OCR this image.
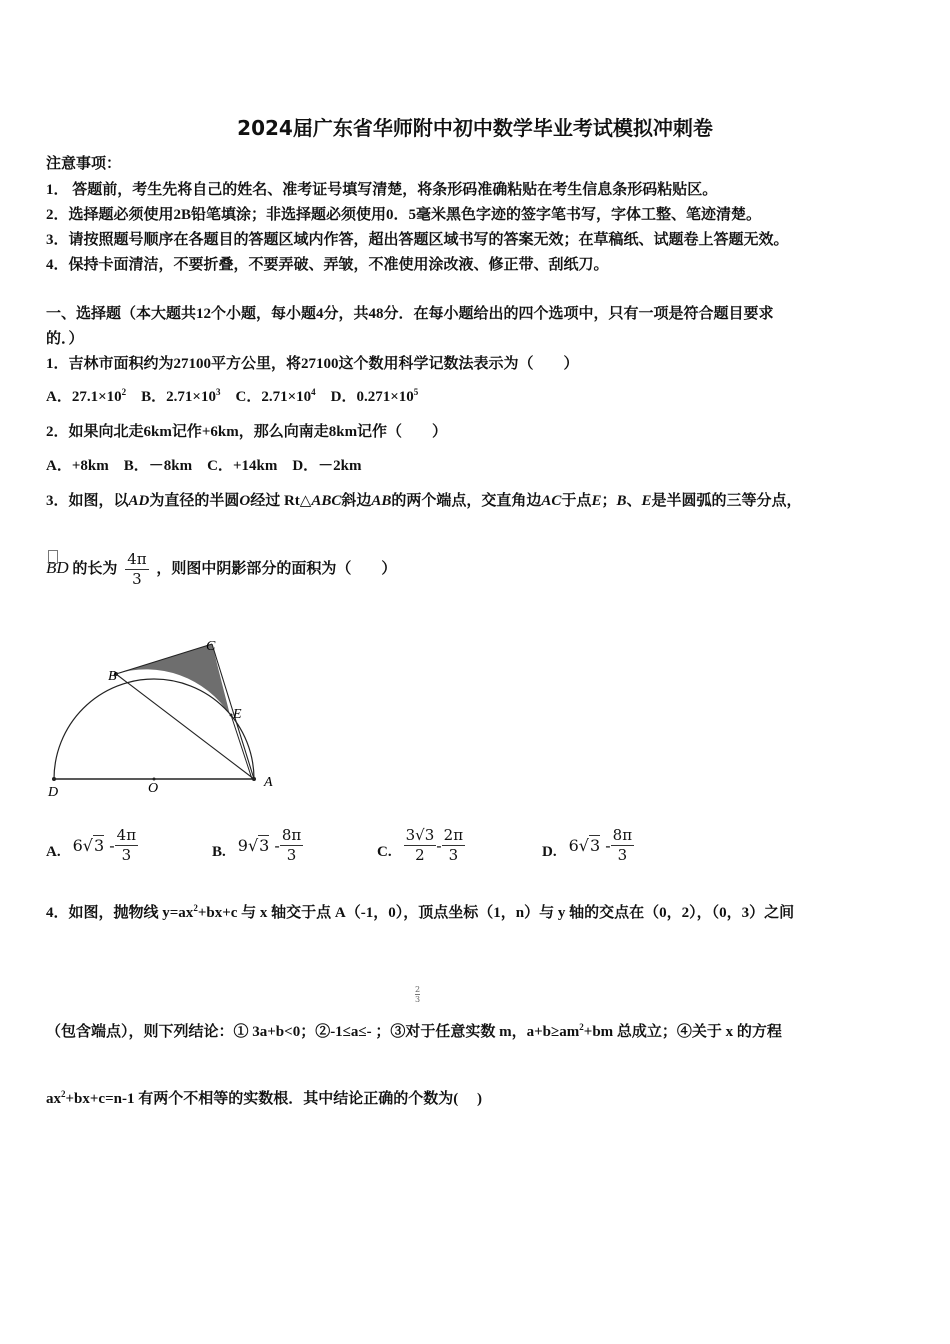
2024届广东省华师附中初中数学毕业考试模拟冲刺卷
注意事项：
1． 答题前，考生先将自己的姓名、准考证号填写清楚，将条形码准确粘贴在考生信息条形码粘贴区。
2．选择题必须使用2B铅笔填涂；非选择题必须使用0．5毫米黑色字迹的签字笔书写，字体工整、笔迹清楚。
3．请按照题号顺序在各题目的答题区域内作答，超出答题区域书写的答案无效；在草稿纸、试题卷上答题无效。
4．保持卡面清洁，不要折叠，不要弄破、弄皱，不准使用涂改液、修正带、刮纸刀。
一、选择题（本大题共12个小题，每小题4分，共48分．在每小题给出的四个选项中，只有一项是符合题目要求
的．）
1．吉林市面积约为27100平方公里，将27100这个数用科学记数法表示为（　　）
A．$27.1\times 10^2$ B．$2.71\times 10^3$ C．$2.71\times 10^4$ D．$0.271\times 10^5$
2．如果向北走6km记作+6km，那么向南走8km记作（　　）
A．+8km B．－8km C．+14km D．－2km
3．如图，以AD为直径的半圆O经过 Rt△ABC斜边AB的两个端点，交直角边AC于点E；B、E是半圆弧的三等分点，
BD 的长为 $\frac{4\pi}{3}$ ，则图中阴影部分的面积为（　　）
C
B
E
A
D	O
A. $6√3 - \frac{4\pi}{3}$	B. $9√3 - \frac{8\pi}{3}$	C. $\frac{3√3}{2} - \frac{2\pi}{3}$	D. $6√3 - \frac{8\pi}{3}$
4．如图，抛物线 $y=ax^2+bx+c$ 与 x 轴交于点 A（-1，0），顶点坐标（1，n）与 y 轴的交点在（0，2），（0，3）之间
$\frac{2}{3}$
（包含端点），则下列结论：① 3a+b<0；②-1≤a≤- ；③对于任意实数 m，$a+b\ge am^2+bm$ 总成立；④关于 x 的方程
$ax^2+bx+c=n-1$ 有两个不相等的实数根．其中结论正确的个数为(　 )
